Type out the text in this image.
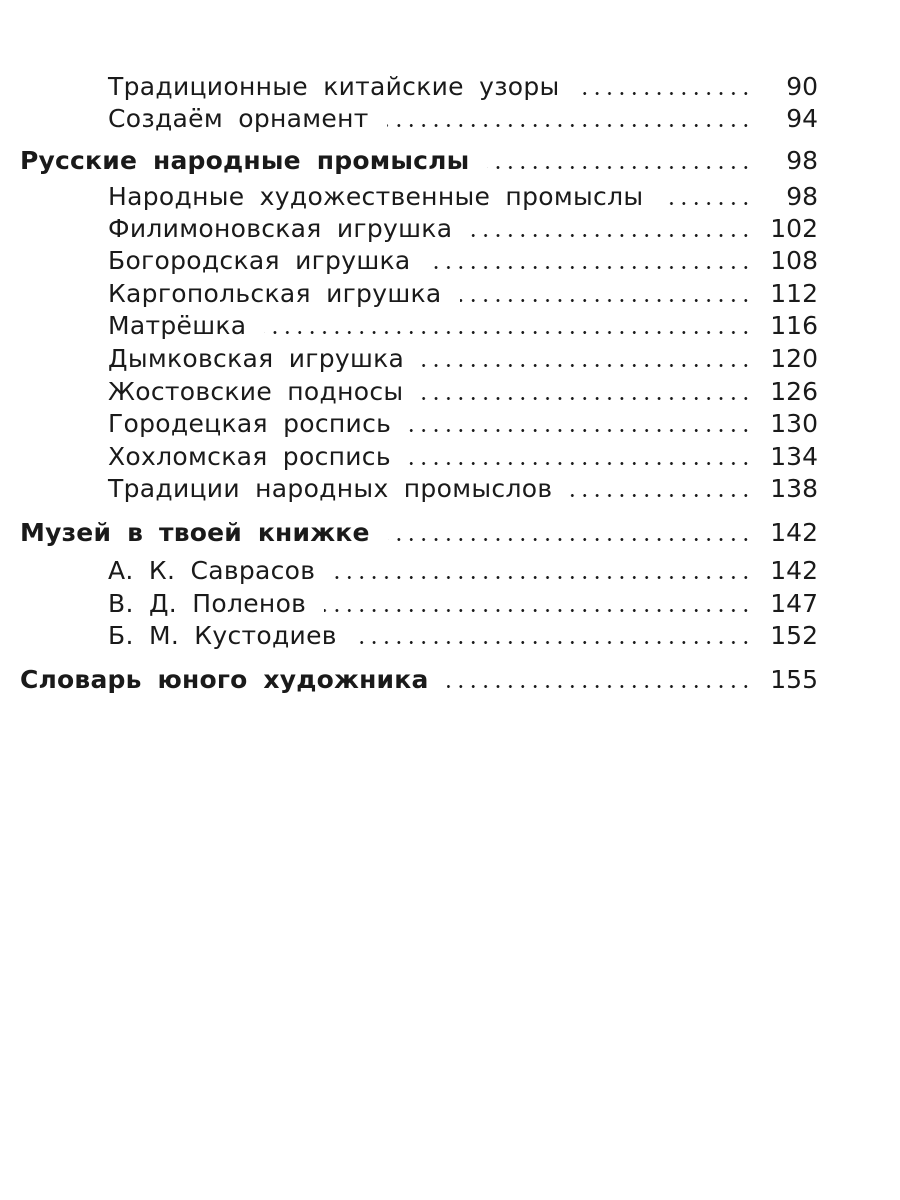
Традиционные китайские узоры	90
Создаём орнамент	94
Русские народные промыслы	98
Народные художественные промыслы	98
Филимоновская игрушка	102
Богородская игрушка	108
Каргопольская игрушка	112
Матрёшка	116
Дымковская игрушка	120
Жостовские подносы	126
Городецкая роспись	130
Хохломская роспись	134
Традиции народных промыслов	138
Музей в твоей книжке	142
А. К. Саврасов	142
В. Д. Поленов	147
Б. М. Кустодиев	152
Словарь юного художника	155
